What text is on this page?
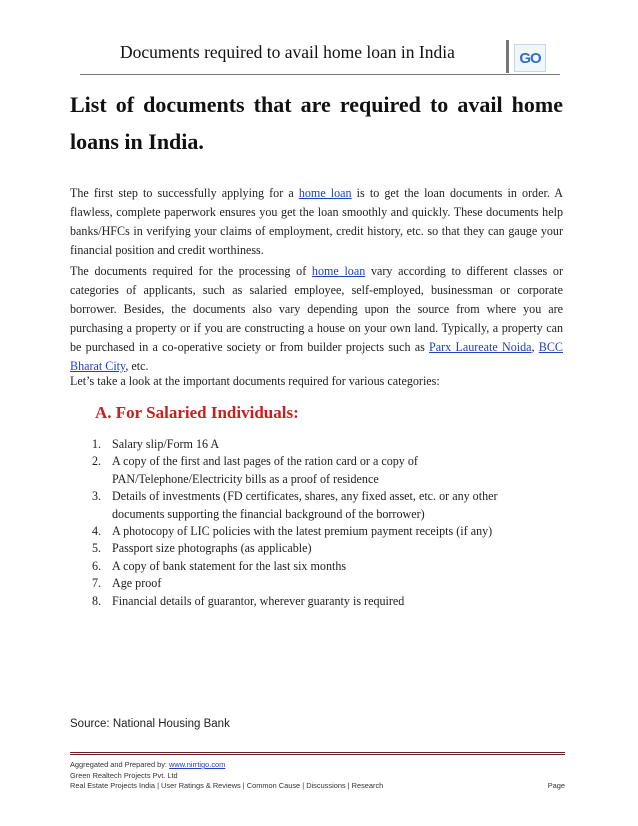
Documents required to avail home loan in India	GO
List of documents that are required to avail home loans in India.

The first step to successfully applying for a home loan is to get the loan documents in order. A flawless, complete paperwork ensures you get the loan smoothly and quickly. These documents help banks/HFCs in verifying your claims of employment, credit history, etc. so that they can gauge your financial position and credit worthiness.

The documents required for the processing of home loan vary according to different classes or categories of applicants, such as salaried employee, self-employed, businessman or corporate borrower. Besides, the documents also vary depending upon the source from where you are purchasing a property or if you are constructing a house on your own land. Typically, a property can be purchased in a co-operative society or from builder projects such as Parx Laureate Noida, BCC Bharat City, etc.

Let’s take a look at the important documents required for various categories:

A. For Salaried Individuals:
1. Salary slip/Form 16 A
2. A copy of the first and last pages of the ration card or a copy of PAN/Telephone/Electricity bills as a proof of residence
3. Details of investments (FD certificates, shares, any fixed asset, etc. or any other documents supporting the financial background of the borrower)
4. A photocopy of LIC policies with the latest premium payment receipts (if any)
5. Passport size photographs (as applicable)
6. A copy of bank statement for the last six months
7. Age proof
8. Financial details of guarantor, wherever guaranty is required
Source: National Housing Bank
Aggregated and Prepared by: www.nirrtigo.com
Green Realtech Projects Pvt. Ltd
Real Estate Projects India | User Ratings & Reviews | Common Cause | Discussions | Research	Page
